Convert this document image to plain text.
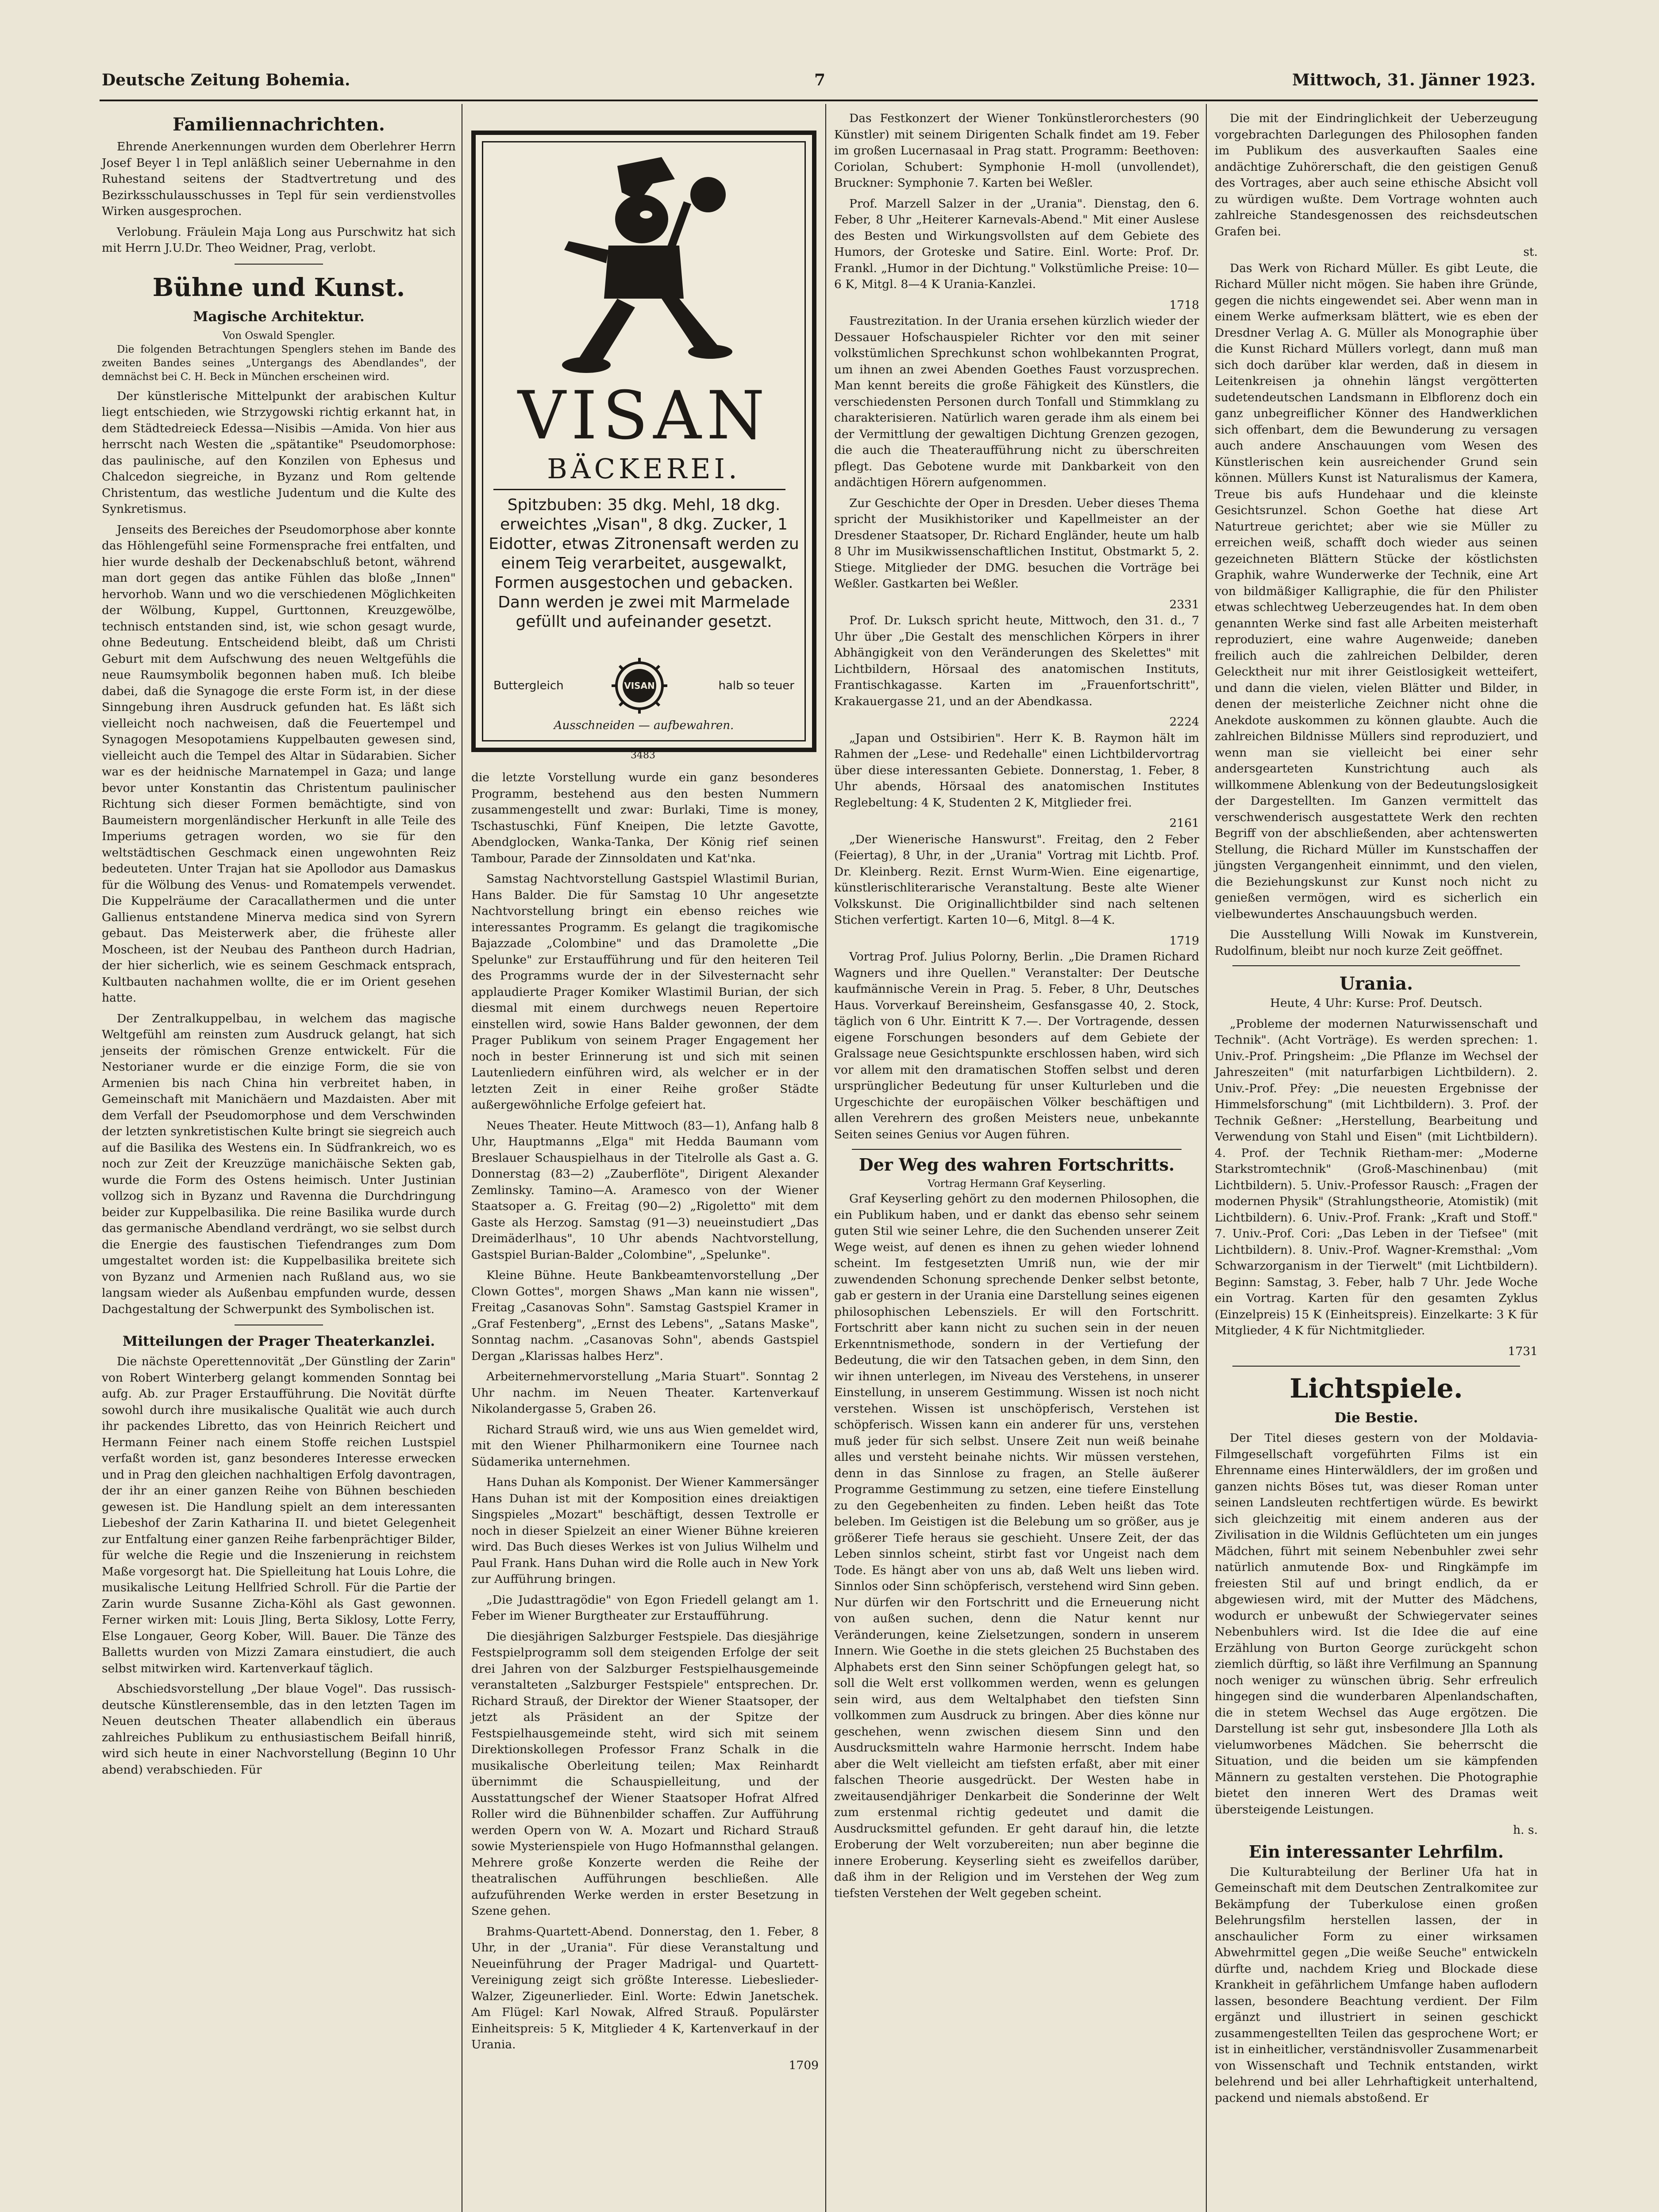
Deutsche Zeitung Bohemia.	7	Mittwoch, 31. Jänner 1923.
Familiennachrichten.

Ehrende Anerkennungen wurden dem Oberlehrer Herrn Josef Beyer l in Tepl anläßlich seiner Uebernahme in den Ruhestand seitens der Stadtvertretung und des Bezirksschulausschusses in Tepl für sein verdienstvolles Wirken ausgesprochen.

Verlobung. Fräulein Maja Long aus Purschwitz hat sich mit Herrn J.U.Dr. Theo Weidner, Prag, verlobt.

Bühne und Kunst.
Magische Architektur.
Von Oswald Spengler.

Die folgenden Betrachtungen Spenglers stehen im Bande des zweiten Bandes seines „Untergangs des Abendlandes", der demnächst bei C. H. Beck in München erscheinen wird.

Der künstlerische Mittelpunkt der arabischen Kultur liegt entschieden, wie Strzygowski richtig erkannt hat, in dem Städtedreieck Edessa—Nisibis —Amida. Von hier aus herrscht nach Westen die „spätantike" Pseudomorphose: das paulinische, auf den Konzilen von Ephesus und Chalcedon siegreiche, in Byzanz und Rom geltende Christentum, das westliche Judentum und die Kulte des Synkretismus.

Jenseits des Bereiches der Pseudomorphose aber konnte das Höhlengefühl seine Formensprache frei entfalten, und hier wurde deshalb der Deckenabschluß betont, während man dort gegen das antike Fühlen das bloße „Innen" hervorhob. Wann und wo die verschiedenen Möglichkeiten der Wölbung, Kuppel, Gurttonnen, Kreuzgewölbe, technisch entstanden sind, ist, wie schon gesagt wurde, ohne Bedeutung. Entscheidend bleibt, daß um Christi Geburt mit dem Aufschwung des neuen Weltgefühls die neue Raumsymbolik begonnen haben muß. Ich bleibe dabei, daß die Synagoge die erste Form ist, in der diese Sinngebung ihren Ausdruck gefunden hat. Es läßt sich vielleicht noch nachweisen, daß die Feuertempel und Synagogen Mesopotamiens Kuppelbauten gewesen sind, vielleicht auch die Tempel des Altar in Südarabien. Sicher war es der heidnische Marnatempel in Gaza; und lange bevor unter Konstantin das Christentum paulinischer Richtung sich dieser Formen bemächtigte, sind von Baumeistern morgenländischer Herkunft in alle Teile des Imperiums getragen worden, wo sie für den weltstädtischen Geschmack einen ungewohnten Reiz bedeuteten. Unter Trajan hat sie Apollodor aus Damaskus für die Wölbung des Venus- und Romatempels verwendet. Die Kuppelräume der Caracallathermen und die unter Gallienus entstandene Minerva medica sind von Syrern gebaut. Das Meisterwerk aber, die früheste aller Moscheen, ist der Neubau des Pantheon durch Hadrian, der hier sicherlich, wie es seinem Geschmack entsprach, Kultbauten nachahmen wollte, die er im Orient gesehen hatte.

Der Zentralkuppelbau, in welchem das magische Weltgefühl am reinsten zum Ausdruck gelangt, hat sich jenseits der römischen Grenze entwickelt. Für die Nestorianer wurde er die einzige Form, die sie von Armenien bis nach China hin verbreitet haben, in Gemeinschaft mit Manichäern und Mazdaisten. Aber mit dem Verfall der Pseudomorphose und dem Verschwinden der letzten synkretistischen Kulte bringt sie siegreich auch auf die Basilika des Westens ein. In Südfrankreich, wo es noch zur Zeit der Kreuzzüge manichäische Sekten gab, wurde die Form des Ostens heimisch. Unter Justinian vollzog sich in Byzanz und Ravenna die Durchdringung beider zur Kuppelbasilika. Die reine Basilika wurde durch das germanische Abendland verdrängt, wo sie selbst durch die Energie des faustischen Tiefendranges zum Dom umgestaltet worden ist: die Kuppelbasilika breitete sich von Byzanz und Armenien nach Rußland aus, wo sie langsam wieder als Außenbau empfunden wurde, dessen Dachgestaltung der Schwerpunkt des Symbolischen ist.

Mitteilungen der Prager Theaterkanzlei.

Die nächste Operettennovität „Der Günstling der Zarin" von Robert Winterberg gelangt kommenden Sonntag bei aufg. Ab. zur Prager Erstaufführung. Die Novität dürfte sowohl durch ihre musikalische Qualität wie auch durch ihr packendes Libretto, das von Heinrich Reichert und Hermann Feiner nach einem Stoffe reichen Lustspiel verfaßt worden ist, ganz besonderes Interesse erwecken und in Prag den gleichen nachhaltigen Erfolg davontragen, der ihr an einer ganzen Reihe von Bühnen beschieden gewesen ist. Die Handlung spielt an dem interessanten Liebeshof der Zarin Katharina II. und bietet Gelegenheit zur Entfaltung einer ganzen Reihe farbenprächtiger Bilder, für welche die Regie und die Inszenierung in reichstem Maße vorgesorgt hat. Die Spielleitung hat Louis Lohre, die musikalische Leitung Hellfried Schroll. Für die Partie der Zarin wurde Susanne Zicha-Köhl als Gast gewonnen. Ferner wirken mit: Louis Jling, Berta Siklosy, Lotte Ferry, Else Longauer, Georg Kober, Will. Bauer. Die Tänze des Balletts wurden von Mizzi Zamara einstudiert, die auch selbst mitwirken wird. Kartenverkauf täglich.

Abschiedsvorstellung „Der blaue Vogel". Das russisch-deutsche Künstlerensemble, das in den letzten Tagen im Neuen deutschen Theater allabendlich ein überaus zahlreiches Publikum zu enthusiastischem Beifall hinriß, wird sich heute in einer Nachvorstellung (Beginn 10 Uhr abend) verabschieden. Für

VISAN
BÄCKEREI.
Spitzbuben: 35 dkg. Mehl, 18 dkg. erweichtes „Visan", 8 dkg. Zucker, 1 Eidotter, etwas Zitronensaft werden zu einem Teig verarbeitet, ausgewalkt, Formen ausgestochen und gebacken. Dann werden je zwei mit Marmelade gefüllt und aufeinander gesetzt.
Buttergleich	VISAN	halb so teuer
Ausschneiden — aufbewahren.
3483

die letzte Vorstellung wurde ein ganz besonderes Programm, bestehend aus den besten Nummern zusammengestellt und zwar: Burlaki, Time is money, Tschastuschki, Fünf Kneipen, Die letzte Gavotte, Abendglocken, Wanka-Tanka, Der König rief seinen Tambour, Parade der Zinnsoldaten und Kat'nka.

Samstag Nachtvorstellung Gastspiel Wlastimil Burian, Hans Balder. Die für Samstag 10 Uhr angesetzte Nachtvorstellung bringt ein ebenso reiches wie interessantes Programm. Es gelangt die tragikomische Bajazzade „Colombine" und das Dramolette „Die Spelunke" zur Erstaufführung und für den heiteren Teil des Programms wurde der in der Silvesternacht sehr applaudierte Prager Komiker Wlastimil Burian, der sich diesmal mit einem durchwegs neuen Repertoire einstellen wird, sowie Hans Balder gewonnen, der dem Prager Publikum von seinem Prager Engagement her noch in bester Erinnerung ist und sich mit seinen Lautenliedern einführen wird, als welcher er in der letzten Zeit in einer Reihe großer Städte außergewöhnliche Erfolge gefeiert hat.

Neues Theater. Heute Mittwoch (83—1), Anfang halb 8 Uhr, Hauptmanns „Elga" mit Hedda Baumann vom Breslauer Schauspielhaus in der Titelrolle als Gast a. G. Donnerstag (83—2) „Zauberflöte", Dirigent Alexander Zemlinsky. Tamino—A. Aramesco von der Wiener Staatsoper a. G. Freitag (90—2) „Rigoletto" mit dem Gaste als Herzog. Samstag (91—3) neueinstudiert „Das Dreimäderlhaus", 10 Uhr abends Nachtvorstellung, Gastspiel Burian-Balder „Colombine", „Spelunke".

Kleine Bühne. Heute Bankbeamtenvorstellung „Der Clown Gottes", morgen Shaws „Man kann nie wissen", Freitag „Casanovas Sohn". Samstag Gastspiel Kramer in „Graf Festenberg", „Ernst des Lebens", „Satans Maske", Sonntag nachm. „Casanovas Sohn", abends Gastspiel Dergan „Klarissas halbes Herz".

Arbeiternehmervorstellung „Maria Stuart". Sonntag 2 Uhr nachm. im Neuen Theater. Kartenverkauf Nikolandergasse 5, Graben 26.

Richard Strauß wird, wie uns aus Wien gemeldet wird, mit den Wiener Philharmonikern eine Tournee nach Südamerika unternehmen.

Hans Duhan als Komponist. Der Wiener Kammersänger Hans Duhan ist mit der Komposition eines dreiaktigen Singspieles „Mozart" beschäftigt, dessen Textrolle er noch in dieser Spielzeit an einer Wiener Bühne kreieren wird. Das Buch dieses Werkes ist von Julius Wilhelm und Paul Frank. Hans Duhan wird die Rolle auch in New York zur Aufführung bringen.

„Die Judasttragödie" von Egon Friedell gelangt am 1. Feber im Wiener Burgtheater zur Erstaufführung.

Die diesjährigen Salzburger Festspiele. Das diesjährige Festspielprogramm soll dem steigenden Erfolge der seit drei Jahren von der Salzburger Festspielhausgemeinde veranstalteten „Salzburger Festspiele" entsprechen. Dr. Richard Strauß, der Direktor der Wiener Staatsoper, der jetzt als Präsident an der Spitze der Festspielhausgemeinde steht, wird sich mit seinem Direktionskollegen Professor Franz Schalk in die musikalische Oberleitung teilen; Max Reinhardt übernimmt die Schauspielleitung, und der Ausstattungschef der Wiener Staatsoper Hofrat Alfred Roller wird die Bühnenbilder schaffen. Zur Aufführung werden Opern von W. A. Mozart und Richard Strauß sowie Mysterienspiele von Hugo Hofmannsthal gelangen. Mehrere große Konzerte werden die Reihe der theatralischen Aufführungen beschließen. Alle aufzuführenden Werke werden in erster Besetzung in Szene gehen.

Brahms-Quartett-Abend. Donnerstag, den 1. Feber, 8 Uhr, in der „Urania". Für diese Veranstaltung und Neueinführung der Prager Madrigal- und Quartett-Vereinigung zeigt sich größte Interesse. Liebeslieder-Walzer, Zigeunerlieder. Einl. Worte: Edwin Janetschek. Am Flügel: Karl Nowak, Alfred Strauß. Populärster Einheitspreis: 5 K, Mitglieder 4 K, Kartenverkauf in der Urania.

1709

Das Festkonzert der Wiener Tonkünstlerorchesters (90 Künstler) mit seinem Dirigenten Schalk findet am 19. Feber im großen Lucernasaal in Prag statt. Programm: Beethoven: Coriolan, Schubert: Symphonie H-moll (unvollendet), Bruckner: Symphonie 7. Karten bei Weßler.

Prof. Marzell Salzer in der „Urania". Dienstag, den 6. Feber, 8 Uhr „Heiterer Karnevals-Abend." Mit einer Auslese des Besten und Wirkungsvollsten auf dem Gebiete des Humors, der Groteske und Satire. Einl. Worte: Prof. Dr. Frankl. „Humor in der Dichtung." Volkstümliche Preise: 10—6 K, Mitgl. 8—4 K Urania-Kanzlei.

1718

Faustrezitation. In der Urania ersehen kürzlich wieder der Dessauer Hofschauspieler Richter vor den mit seiner volkstümlichen Sprechkunst schon wohlbekannten Prograt, um ihnen an zwei Abenden Goethes Faust vorzusprechen. Man kennt bereits die große Fähigkeit des Künstlers, die verschiedensten Personen durch Tonfall und Stimmklang zu charakterisieren. Natürlich waren gerade ihm als einem bei der Vermittlung der gewaltigen Dichtung Grenzen gezogen, die auch die Theateraufführung nicht zu überschreiten pflegt. Das Gebotene wurde mit Dankbarkeit von den andächtigen Hörern aufgenommen.

Zur Geschichte der Oper in Dresden. Ueber dieses Thema spricht der Musikhistoriker und Kapellmeister an der Dresdener Staatsoper, Dr. Richard Engländer, heute um halb 8 Uhr im Musikwissenschaftlichen Institut, Obstmarkt 5, 2. Stiege. Mitglieder der DMG. besuchen die Vorträge bei Weßler. Gastkarten bei Weßler.

2331

Prof. Dr. Luksch spricht heute, Mittwoch, den 31. d., 7 Uhr über „Die Gestalt des menschlichen Körpers in ihrer Abhängigkeit von den Veränderungen des Skelettes" mit Lichtbildern, Hörsaal des anatomischen Instituts, Frantischkagasse. Karten im „Frauenfortschritt", Krakauergasse 21, und an der Abendkassa.

2224

„Japan und Ostsibirien". Herr K. B. Raymon hält im Rahmen der „Lese- und Redehalle" einen Lichtbildervortrag über diese interessanten Gebiete. Donnerstag, 1. Feber, 8 Uhr abends, Hörsaal des anatomischen Institutes Reglebeltung: 4 K, Studenten 2 K, Mitglieder frei.

2161

„Der Wienerische Hanswurst". Freitag, den 2 Feber (Feiertag), 8 Uhr, in der „Urania" Vortrag mit Lichtb. Prof. Dr. Kleinberg. Rezit. Ernst Wurm-Wien. Eine eigenartige, künstlerischliterarische Veranstaltung. Beste alte Wiener Volkskunst. Die Originallichtbilder sind nach seltenen Stichen verfertigt. Karten 10—6, Mitgl. 8—4 K.

1719

Vortrag Prof. Julius Polorny, Berlin. „Die Dramen Richard Wagners und ihre Quellen." Veranstalter: Der Deutsche kaufmännische Verein in Prag. 5. Feber, 8 Uhr, Deutsches Haus. Vorverkauf Bereinsheim, Gesfansgasse 40, 2. Stock, täglich von 6 Uhr. Eintritt K 7.—. Der Vortragende, dessen eigene Forschungen besonders auf dem Gebiete der Gralssage neue Gesichtspunkte erschlossen haben, wird sich vor allem mit den dramatischen Stoffen selbst und deren ursprünglicher Bedeutung für unser Kulturleben und die Urgeschichte der europäischen Völker beschäftigen und allen Verehrern des großen Meisters neue, unbekannte Seiten seines Genius vor Augen führen.

Der Weg des wahren Fortschritts.
Vortrag Hermann Graf Keyserling.

Graf Keyserling gehört zu den modernen Philosophen, die ein Publikum haben, und er dankt das ebenso sehr seinem guten Stil wie seiner Lehre, die den Suchenden unserer Zeit Wege weist, auf denen es ihnen zu gehen wieder lohnend scheint. Im festgesetzten Umriß nun, wie der mir zuwendenden Schonung sprechende Denker selbst betonte, gab er gestern in der Urania eine Darstellung seines eigenen philosophischen Lebensziels. Er will den Fortschritt. Fortschritt aber kann nicht zu suchen sein in der neuen Erkenntnismethode, sondern in der Vertiefung der Bedeutung, die wir den Tatsachen geben, in dem Sinn, den wir ihnen unterlegen, im Niveau des Verstehens, in unserer Einstellung, in unserem Gestimmung. Wissen ist noch nicht verstehen. Wissen ist unschöpferisch, Verstehen ist schöpferisch. Wissen kann ein anderer für uns, verstehen muß jeder für sich selbst. Unsere Zeit nun weiß beinahe alles und versteht beinahe nichts. Wir müssen verstehen, denn in das Sinnlose zu fragen, an Stelle äußerer Programme Gestimmung zu setzen, eine tiefere Einstellung zu den Gegebenheiten zu finden. Leben heißt das Tote beleben. Im Geistigen ist die Belebung um so größer, aus je größerer Tiefe heraus sie geschieht. Unsere Zeit, der das Leben sinnlos scheint, stirbt fast vor Ungeist nach dem Tode. Es hängt aber von uns ab, daß Welt uns lieben wird. Sinnlos oder Sinn schöpferisch, verstehend wird Sinn geben. Nur dürfen wir den Fortschritt und die Erneuerung nicht von außen suchen, denn die Natur kennt nur Veränderungen, keine Zielsetzungen, sondern in unserem Innern. Wie Goethe in die stets gleichen 25 Buchstaben des Alphabets erst den Sinn seiner Schöpfungen gelegt hat, so soll die Welt erst vollkommen werden, wenn es gelungen sein wird, aus dem Weltalphabet den tiefsten Sinn vollkommen zum Ausdruck zu bringen. Aber dies könne nur geschehen, wenn zwischen diesem Sinn und den Ausdrucksmitteln wahre Harmonie herrscht. Indem habe aber die Welt vielleicht am tiefsten erfaßt, aber mit einer falschen Theorie ausgedrückt. Der Westen habe in zweitausendjähriger Denkarbeit die Sonderinne der Welt zum erstenmal richtig gedeutet und damit die Ausdrucksmittel gefunden. Er geht darauf hin, die letzte Eroberung der Welt vorzubereiten; nun aber beginne die innere Eroberung. Keyserling sieht es zweifellos darüber, daß ihm in der Religion und im Verstehen der Weg zum tiefsten Verstehen der Welt gegeben scheint.

Die mit der Eindringlichkeit der Ueberzeugung vorgebrachten Darlegungen des Philosophen fanden im Publikum des ausverkauften Saales eine andächtige Zuhörerschaft, die den geistigen Genuß des Vortrages, aber auch seine ethische Absicht voll zu würdigen wußte. Dem Vortrage wohnten auch zahlreiche Standesgenossen des reichsdeutschen Grafen bei.

st.

Das Werk von Richard Müller. Es gibt Leute, die Richard Müller nicht mögen. Sie haben ihre Gründe, gegen die nichts eingewendet sei. Aber wenn man in einem Werke aufmerksam blättert, wie es eben der Dresdner Verlag A. G. Müller als Monographie über die Kunst Richard Müllers vorlegt, dann muß man sich doch darüber klar werden, daß in diesem in Leitenkreisen ja ohnehin längst vergötterten sudetendeutschen Landsmann in Elbflorenz doch ein ganz unbegreiflicher Könner des Handwerklichen sich offenbart, dem die Bewunderung zu versagen auch andere Anschauungen vom Wesen des Künstlerischen kein ausreichender Grund sein können. Müllers Kunst ist Naturalismus der Kamera, Treue bis aufs Hundehaar und die kleinste Gesichtsrunzel. Schon Goethe hat diese Art Naturtreue gerichtet; aber wie sie Müller zu erreichen weiß, schafft doch wieder aus seinen gezeichneten Blättern Stücke der köstlichsten Graphik, wahre Wunderwerke der Technik, eine Art von bildmäßiger Kalligraphie, die für den Philister etwas schlechtweg Ueberzeugendes hat. In dem oben genannten Werke sind fast alle Arbeiten meisterhaft reproduziert, eine wahre Augenweide; daneben freilich auch die zahlreichen Delbilder, deren Gelecktheit nur mit ihrer Geistlosigkeit wetteifert, und dann die vielen, vielen Blätter und Bilder, in denen der meisterliche Zeichner nicht ohne die Anekdote auskommen zu können glaubte. Auch die zahlreichen Bildnisse Müllers sind reproduziert, und wenn man sie vielleicht bei einer sehr andersgearteten Kunstrichtung auch als willkommene Ablenkung von der Bedeutungslosigkeit der Dargestellten. Im Ganzen vermittelt das verschwenderisch ausgestattete Werk den rechten Begriff von der abschließenden, aber achtenswerten Stellung, die Richard Müller im Kunstschaffen der jüngsten Vergangenheit einnimmt, und den vielen, die Beziehungskunst zur Kunst noch nicht zu genießen vermögen, wird es sicherlich ein vielbewundertes Anschauungsbuch werden.

Die Ausstellung Willi Nowak im Kunstverein, Rudolfinum, bleibt nur noch kurze Zeit geöffnet.

Urania.

Heute, 4 Uhr: Kurse: Prof. Deutsch.

„Probleme der modernen Naturwissenschaft und Technik". (Acht Vorträge). Es werden sprechen: 1. Univ.-Prof. Pringsheim: „Die Pflanze im Wechsel der Jahreszeiten" (mit naturfarbigen Lichtbildern). 2. Univ.-Prof. Přey: „Die neuesten Ergebnisse der Himmelsforschung" (mit Lichtbildern). 3. Prof. der Technik Geßner: „Herstellung, Bearbeitung und Verwendung von Stahl und Eisen" (mit Lichtbildern). 4. Prof. der Technik Rietham-mer: „Moderne Starkstromtechnik" (Groß-Maschinenbau) (mit Lichtbildern). 5. Univ.-Professor Rausch: „Fragen der modernen Physik" (Strahlungstheorie, Atomistik) (mit Lichtbildern). 6. Univ.-Prof. Frank: „Kraft und Stoff." 7. Univ.-Prof. Cori: „Das Leben in der Tiefsee" (mit Lichtbildern). 8. Univ.-Prof. Wagner-Kremsthal: „Vom Schwarzorganism in der Tierwelt" (mit Lichtbildern). Beginn: Samstag, 3. Feber, halb 7 Uhr. Jede Woche ein Vortrag. Karten für den gesamten Zyklus (Einzelpreis) 15 K (Einheitspreis). Einzelkarte: 3 K für Mitglieder, 4 K für Nichtmitglieder.

1731
Lichtspiele.
Die Bestie.

Der Titel dieses gestern von der Moldavia-Filmgesellschaft vorgeführten Films ist ein Ehrenname eines Hinterwäldlers, der im großen und ganzen nichts Böses tut, was dieser Roman unter seinen Landsleuten rechtfertigen würde. Es bewirkt sich gleichzeitig mit einem anderen aus der Zivilisation in die Wildnis Geflüchteten um ein junges Mädchen, führt mit seinem Nebenbuhler zwei sehr natürlich anmutende Box- und Ringkämpfe im freiesten Stil auf und bringt endlich, da er abgewiesen wird, mit der Mutter des Mädchens, wodurch er unbewußt der Schwiegervater seines Nebenbuhlers wird. Ist die Idee die auf eine Erzählung von Burton George zurückgeht schon ziemlich dürftig, so läßt ihre Verfilmung an Spannung noch weniger zu wünschen übrig. Sehr erfreulich hingegen sind die wunderbaren Alpenlandschaften, die in stetem Wechsel das Auge ergötzen. Die Darstellung ist sehr gut, insbesondere Jlla Loth als vielumworbenes Mädchen. Sie beherrscht die Situation, und die beiden um sie kämpfenden Männern zu gestalten verstehen. Die Photographie bietet den inneren Wert des Dramas weit übersteigende Leistungen.

h. s.
Ein interessanter Lehrfilm.

Die Kulturabteilung der Berliner Ufa hat in Gemeinschaft mit dem Deutschen Zentralkomitee zur Bekämpfung der Tuberkulose einen großen Belehrungsfilm herstellen lassen, der in anschaulicher Form zu einer wirksamen Abwehrmittel gegen „Die weiße Seuche" entwickeln dürfte und, nachdem Krieg und Blockade diese Krankheit in gefährlichem Umfange haben auflodern lassen, besondere Beachtung verdient. Der Film ergänzt und illustriert in seinen geschickt zusammengestellten Teilen das gesprochene Wort; er ist in einheitlicher, verständnisvoller Zusammenarbeit von Wissenschaft und Technik entstanden, wirkt belehrend und bei aller Lehrhaftigkeit unterhaltend, packend und niemals abstoßend. Er
